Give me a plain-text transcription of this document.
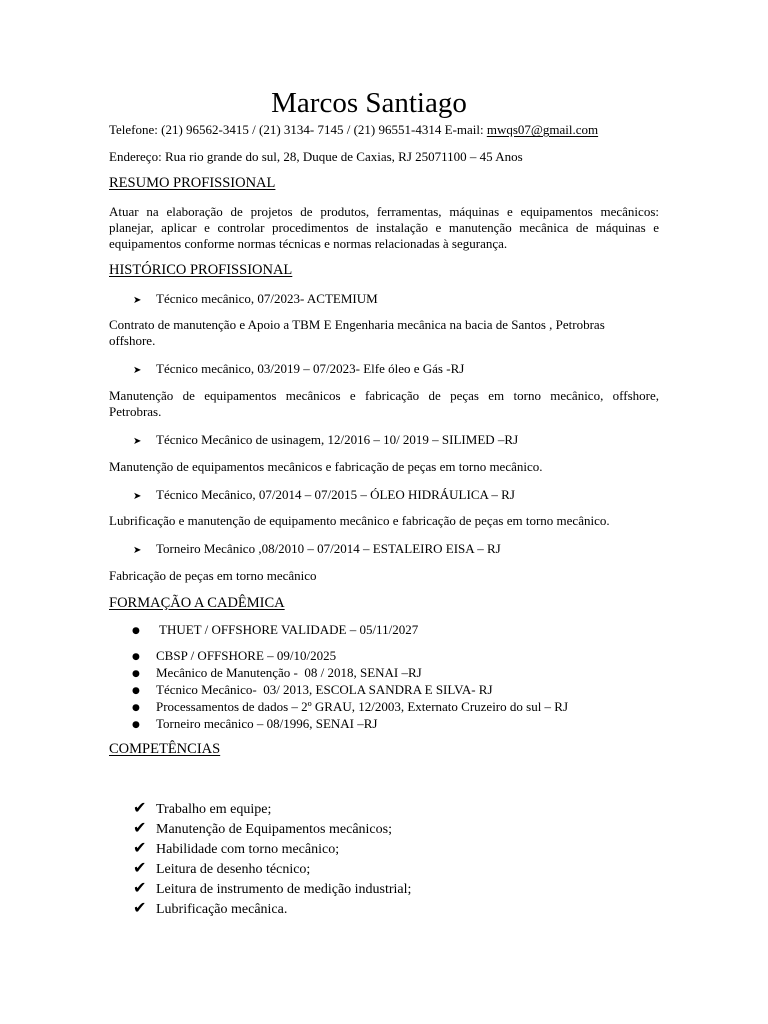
Marcos Santiago
Telefone: (21) 96562-3415 / (21) 3134- 7145 / (21) 96551-4314 E-mail: mwqs07@gmail.com
Endereço: Rua rio grande do sul, 28, Duque de Caxias, RJ 25071100 – 45 Anos
RESUMO PROFISSIONAL
Atuar na elaboração de projetos de produtos, ferramentas, máquinas e equipamentos mecânicos:
planejar, aplicar e controlar procedimentos de instalação e manutenção mecânica de máquinas e
equipamentos conforme normas técnicas e normas relacionadas à segurança.
HISTÓRICO PROFISSIONAL
➤ Técnico mecânico, 07/2023- ACTEMIUM
Contrato de manutenção e Apoio a TBM E Engenharia mecânica na bacia de Santos , Petrobras
offshore.
➤ Técnico mecânico, 03/2019 – 07/2023- Elfe óleo e Gás -RJ
Manutenção de equipamentos mecânicos e fabricação de peças em torno mecânico, offshore,
Petrobras.
➤ Técnico Mecânico de usinagem, 12/2016 – 10/ 2019 – SILIMED –RJ
Manutenção de equipamentos mecânicos e fabricação de peças em torno mecânico.
➤ Técnico Mecânico, 07/2014 – 07/2015 – ÓLEO HIDRÁULICA – RJ
Lubrificação e manutenção de equipamento mecânico e fabricação de peças em torno mecânico.
➤ Torneiro Mecânico ,08/2010 – 07/2014 – ESTALEIRO EISA – RJ
Fabricação de peças em torno mecânico
FORMAÇÃO A CADÊMICA
● THUET / OFFSHORE VALIDADE – 05/11/2027
● CBSP / OFFSHORE – 09/10/2025
● Mecânico de Manutenção -  08 / 2018, SENAI –RJ
● Técnico Mecânico-  03/ 2013, ESCOLA SANDRA E SILVA- RJ
● Processamentos de dados – 2º GRAU, 12/2003, Externato Cruzeiro do sul – RJ
● Torneiro mecânico – 08/1996, SENAI –RJ
COMPETÊNCIAS
✔ Trabalho em equipe;
✔ Manutenção de Equipamentos mecânicos;
✔ Habilidade com torno mecânico;
✔ Leitura de desenho técnico;
✔ Leitura de instrumento de medição industrial;
✔ Lubrificação mecânica.
